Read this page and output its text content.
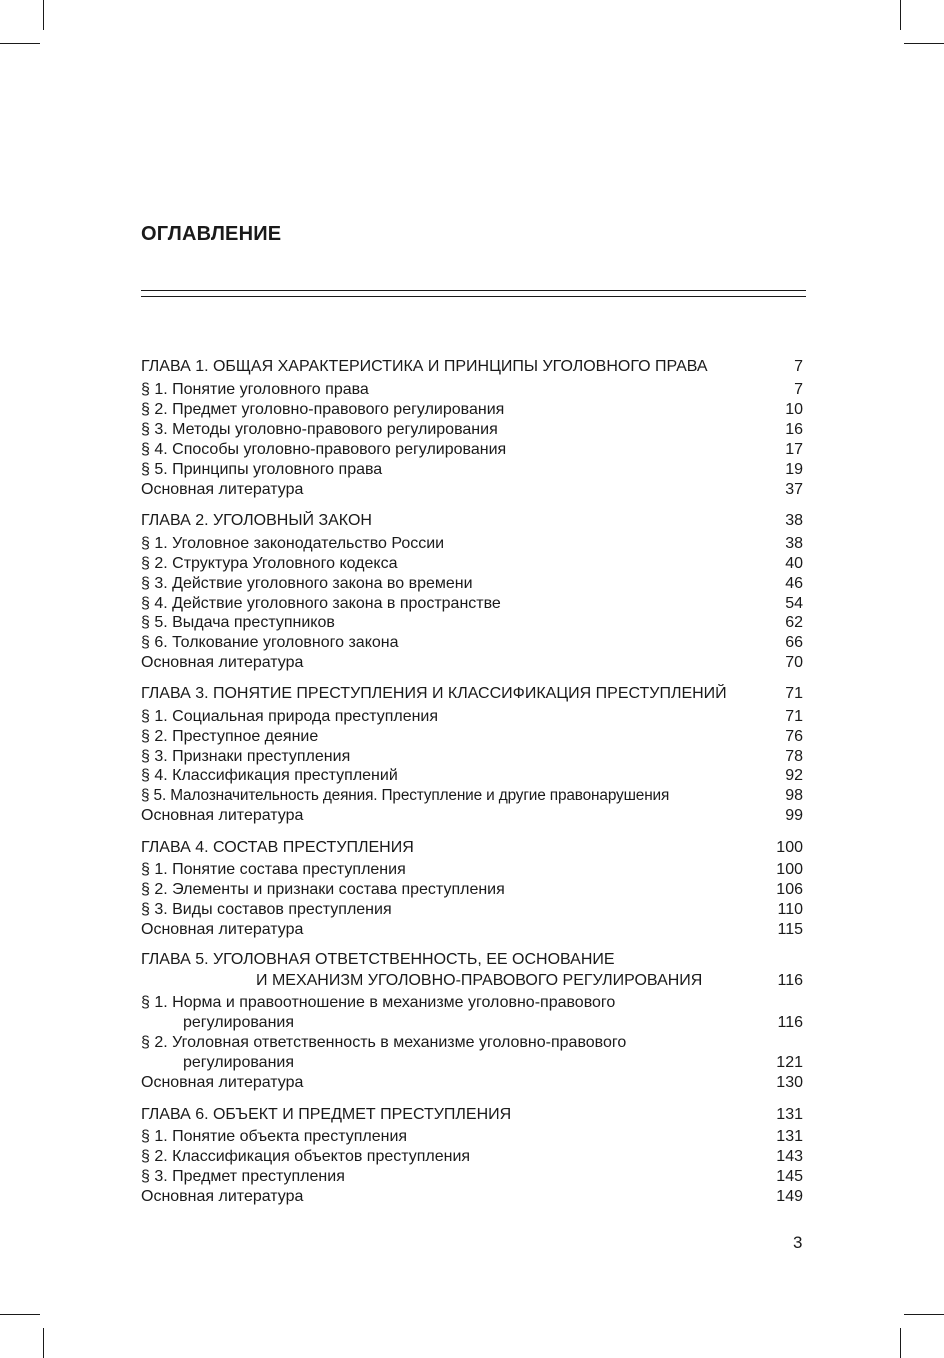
ОГЛАВЛЕНИЕ
ГЛАВА 1. ОБЩАЯ ХАРАКТЕРИСТИКА И ПРИНЦИПЫ УГОЛОВНОГО ПРАВА . . .	7
§ 1. Понятие уголовного права . . .	7
§ 2. Предмет уголовно-правового регулирования . . .	10
§ 3. Методы уголовно-правового регулирования . . .	16
§ 4. Способы уголовно-правового регулирования . . .	17
§ 5. Принципы уголовного права . . .	19
Основная литература . . .	37
ГЛАВА 2. УГОЛОВНЫЙ ЗАКОН . . .	38
§ 1. Уголовное законодательство России . . .	38
§ 2. Структура Уголовного кодекса . . .	40
§ 3. Действие уголовного закона во времени . . .	46
§ 4. Действие уголовного закона в пространстве . . .	54
§ 5. Выдача преступников . . .	62
§ 6. Толкование уголовного закона . . .	66
Основная литература . . .	70
ГЛАВА 3. ПОНЯТИЕ ПРЕСТУПЛЕНИЯ И КЛАССИФИКАЦИЯ ПРЕСТУПЛЕНИЙ . . .	71
§ 1. Социальная природа преступления . . .	71
§ 2. Преступное деяние . . .	76
§ 3. Признаки преступления . . .	78
§ 4. Классификация преступлений . . .	92
§ 5. Малозначительность деяния. Преступление и другие правонарушения	98
Основная литература . . .	99
ГЛАВА 4. СОСТАВ ПРЕСТУПЛЕНИЯ . . .	100
§ 1. Понятие состава преступления . . .	100
§ 2. Элементы и признаки состава преступления . . .	106
§ 3. Виды составов преступления . . .	110
Основная литература . . .	115
ГЛАВА 5. УГОЛОВНАЯ ОТВЕТСТВЕННОСТЬ, ЕЕ ОСНОВАНИЕ
И МЕХАНИЗМ УГОЛОВНО-ПРАВОВОГО РЕГУЛИРОВАНИЯ . . .	116
§ 1. Норма и правоотношение в механизме уголовно-правового
регулирования . . .	116
§ 2. Уголовная ответственность в механизме уголовно-правового
регулирования . . .	121
Основная литература . . .	130
ГЛАВА 6. ОБЪЕКТ И ПРЕДМЕТ ПРЕСТУПЛЕНИЯ . . .	131
§ 1. Понятие объекта преступления . . .	131
§ 2. Классификация объектов преступления . . .	143
§ 3. Предмет преступления . . .	145
Основная литература . . .	149
3
